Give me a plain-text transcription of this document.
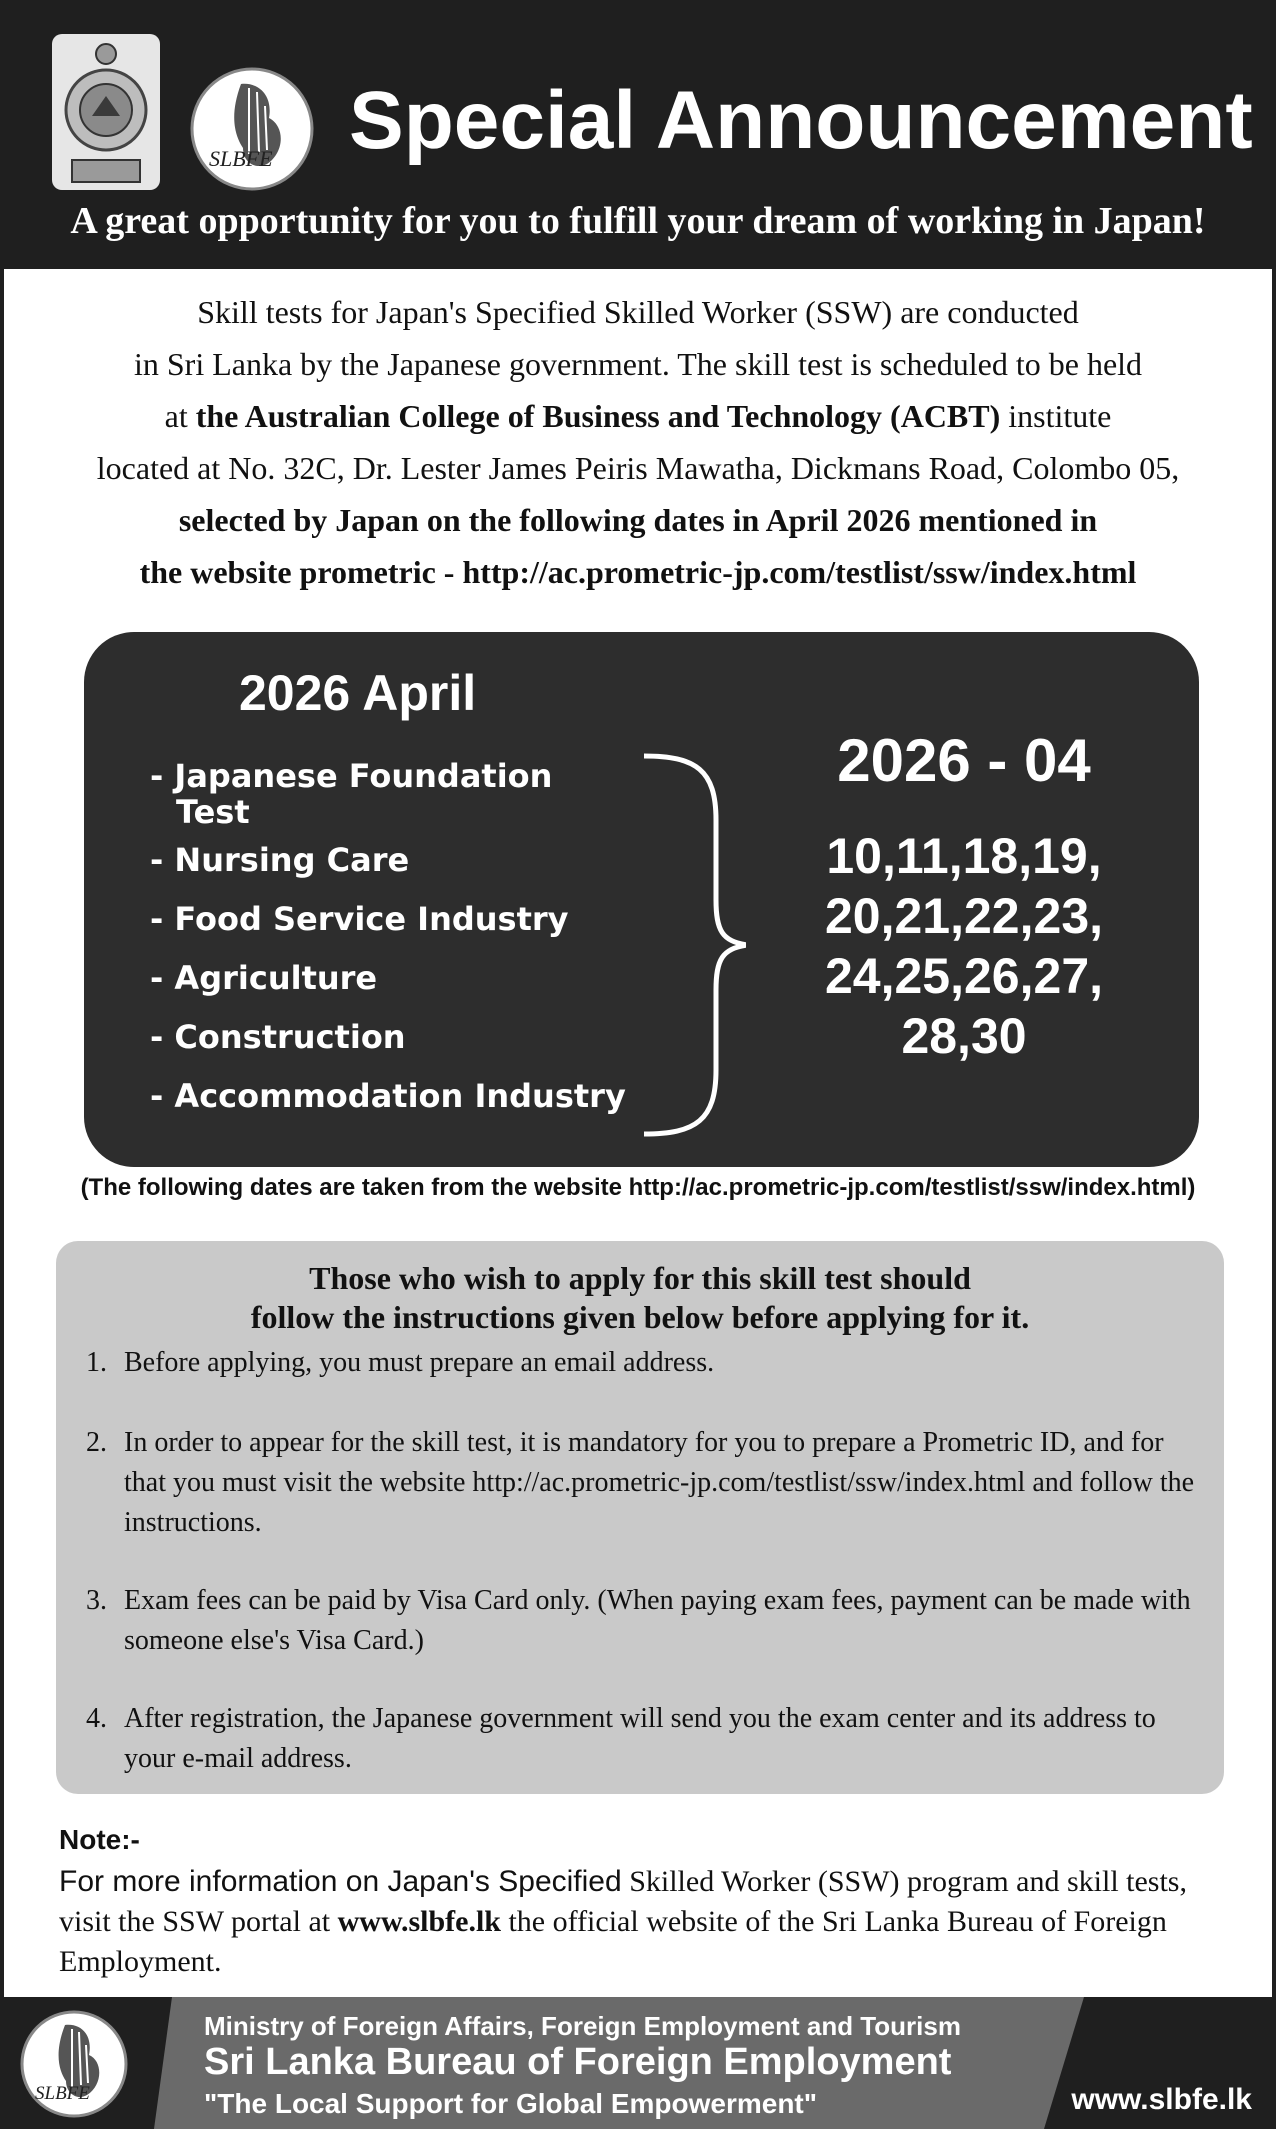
SLBFE Special Announcement
A great opportunity for you to fulfill your dream of working in Japan!
Skill tests for Japan's Specified Skilled Worker (SSW) are conducted
in Sri Lanka by the Japanese government. The skill test is scheduled to be held
at the Australian College of Business and Technology (ACBT) institute
located at No. 32C, Dr. Lester James Peiris Mawatha, Dickmans Road, Colombo 05,
selected by Japan on the following dates in April 2026 mentioned in
the website prometric - http://ac.prometric-jp.com/testlist/ssw/index.html
2026 April
- Japanese Foundation
Test
- Nursing Care
- Food Service Industry
- Agriculture
- Construction
- Accommodation Industry
2026 - 04
10,11,18,19,
20,21,22,23,
24,25,26,27,
28,30
(The following dates are taken from the website http://ac.prometric-jp.com/testlist/ssw/index.html)
Those who wish to apply for this skill test should
follow the instructions given below before applying for it.
1. Before applying, you must prepare an email address.
2. In order to appear for the skill test, it is mandatory for you to prepare a Prometric ID, and for that you must visit the website http://ac.prometric-jp.com/testlist/ssw/index.html and follow the instructions.
3. Exam fees can be paid by Visa Card only. (When paying exam fees, payment can be made with someone else's Visa Card.)
4. After registration, the Japanese government will send you the exam center and its address to your e-mail address.
Note:-
For more information on Japan's Specified Skilled Worker (SSW) program and skill tests, visit the SSW portal at www.slbfe.lk the official website of the Sri Lanka Bureau of Foreign Employment.
SLBFE
Ministry of Foreign Affairs, Foreign Employment and Tourism
Sri Lanka Bureau of Foreign Employment
"The Local Support for Global Empowerment"	www.slbfe.lk
